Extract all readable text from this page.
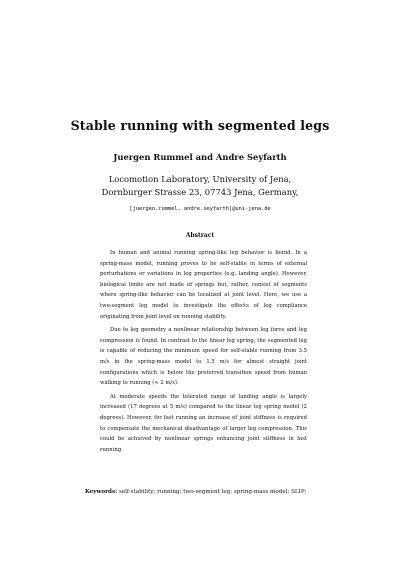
Stable running with segmented legs
Juergen Rummel and Andre Seyfarth
Locomotion Laboratory, University of Jena,
Dornburger Strasse 23, 07743 Jena, Germany,
[juergen.rummel, andre.seyfarth]@uni-jena.de
Abstract

In human and animal running spring-like leg behavior is found. In a spring-mass model, running proves to be self-stable in terms of external perturbations or variations in leg properties (e.g. landing angle). However, biological limbs are not made of springs but, rather, consist of segments where spring-like behavior can be localized at joint level. Here, we use a two-segment leg model to investigate the effects of leg compliance originating from joint level on running stability.

Due to leg geometry a nonlinear relationship between leg force and leg compression is found. In contrast to the linear leg spring, the segmented leg is capable of reducing the minimum speed for self-stable running from 3.5 m/s in the spring-mass model to 1.5 m/s for almost straight joint configurations which is below the preferred transition speed from human walking to running (≈ 2 m/s).

At moderate speeds the tolerated range of landing angle is largely increased (17 degrees at 5 m/s) compared to the linear leg spring model (2 degrees). However, for fast running an increase of joint stiffness is required to compensate the mechanical disadvantage of larger leg compression. This could be achieved by nonlinear springs enhancing joint stiffness in fast running.

Keywords: self-stability; running; two-segment leg; spring-mass model; SLIP;
